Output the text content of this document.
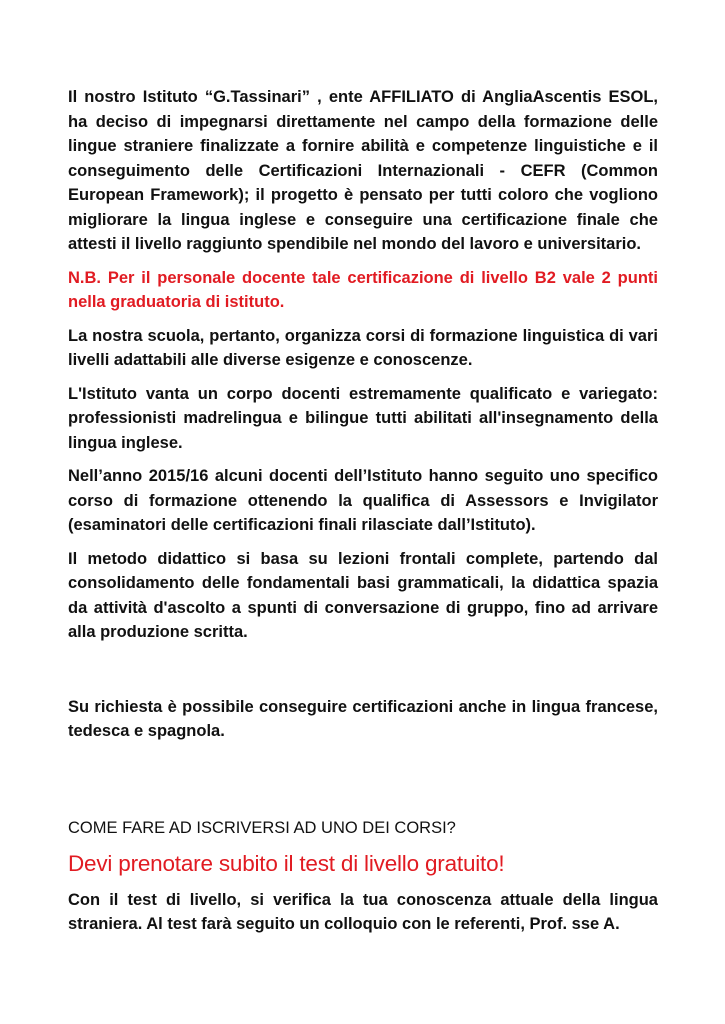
Il nostro Istituto “G.Tassinari” , ente AFFILIATO di AngliaAscentis ESOL, ha deciso di impegnarsi direttamente nel campo della formazione delle lingue straniere finalizzate a fornire abilità e competenze linguistiche e il conseguimento delle Certificazioni Internazionali - CEFR (Common European Framework); il progetto è pensato per tutti coloro che vogliono migliorare la lingua inglese e conseguire una certificazione finale che attesti il livello raggiunto spendibile nel mondo del lavoro e universitario.

N.B. Per il personale docente tale certificazione di livello B2 vale 2 punti nella graduatoria di istituto.

La nostra scuola, pertanto, organizza corsi di formazione linguistica di vari livelli adattabili alle diverse esigenze e conoscenze.

L'Istituto vanta un corpo docenti estremamente qualificato e variegato: professionisti madrelingua e bilingue tutti abilitati all'insegnamento della lingua inglese.

Nell’anno 2015/16 alcuni docenti dell’Istituto hanno seguito uno specifico corso di formazione ottenendo la qualifica di Assessors e Invigilator (esaminatori delle certificazioni finali rilasciate dall’Istituto).

Il metodo didattico si basa su lezioni frontali complete, partendo dal consolidamento delle fondamentali basi grammaticali, la didattica spazia da attività d'ascolto a spunti di conversazione di gruppo, fino ad arrivare alla produzione scritta.

Su richiesta è possibile conseguire certificazioni anche in lingua francese, tedesca e spagnola.

COME FARE AD ISCRIVERSI AD UNO DEI CORSI?

Devi prenotare subito il test di livello gratuito!

Con il test di livello, si verifica la tua conoscenza attuale della lingua straniera. Al test farà seguito un colloquio con le referenti, Prof. sse A.
